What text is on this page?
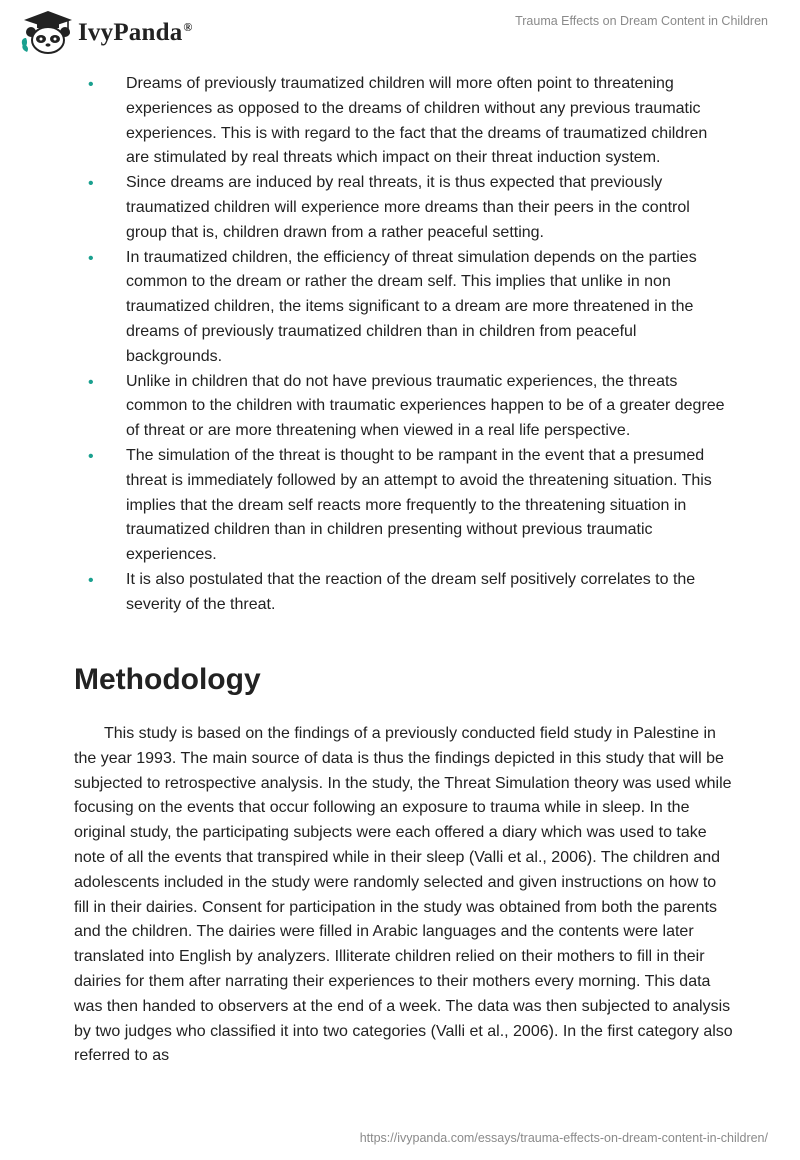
IvyPanda®	Trauma Effects on Dream Content in Children
• Dreams of previously traumatized children will more often point to threatening experiences as opposed to the dreams of children without any previous traumatic experiences. This is with regard to the fact that the dreams of traumatized children are stimulated by real threats which impact on their threat induction system.
• Since dreams are induced by real threats, it is thus expected that previously traumatized children will experience more dreams than their peers in the control group that is, children drawn from a rather peaceful setting.
• In traumatized children, the efficiency of threat simulation depends on the parties common to the dream or rather the dream self. This implies that unlike in non traumatized children, the items significant to a dream are more threatened in the dreams of previously traumatized children than in children from peaceful backgrounds.
• Unlike in children that do not have previous traumatic experiences, the threats common to the children with traumatic experiences happen to be of a greater degree of threat or are more threatening when viewed in a real life perspective.
• The simulation of the threat is thought to be rampant in the event that a presumed threat is immediately followed by an attempt to avoid the threatening situation. This implies that the dream self reacts more frequently to the threatening situation in traumatized children than in children presenting without previous traumatic experiences.
• It is also postulated that the reaction of the dream self positively correlates to the severity of the threat.
Methodology

This study is based on the findings of a previously conducted field study in Palestine in the year 1993. The main source of data is thus the findings depicted in this study that will be subjected to retrospective analysis. In the study, the Threat Simulation theory was used while focusing on the events that occur following an exposure to trauma while in sleep. In the original study, the participating subjects were each offered a diary which was used to take note of all the events that transpired while in their sleep (Valli et al., 2006). The children and adolescents included in the study were randomly selected and given instructions on how to fill in their dairies. Consent for participation in the study was obtained from both the parents and the children. The dairies were filled in Arabic languages and the contents were later translated into English by analyzers. Illiterate children relied on their mothers to fill in their dairies for them after narrating their experiences to their mothers every morning. This data was then handed to observers at the end of a week. The data was then subjected to analysis by two judges who classified it into two categories (Valli et al., 2006). In the first category also referred to as

https://ivypanda.com/essays/trauma-effects-on-dream-content-in-children/
